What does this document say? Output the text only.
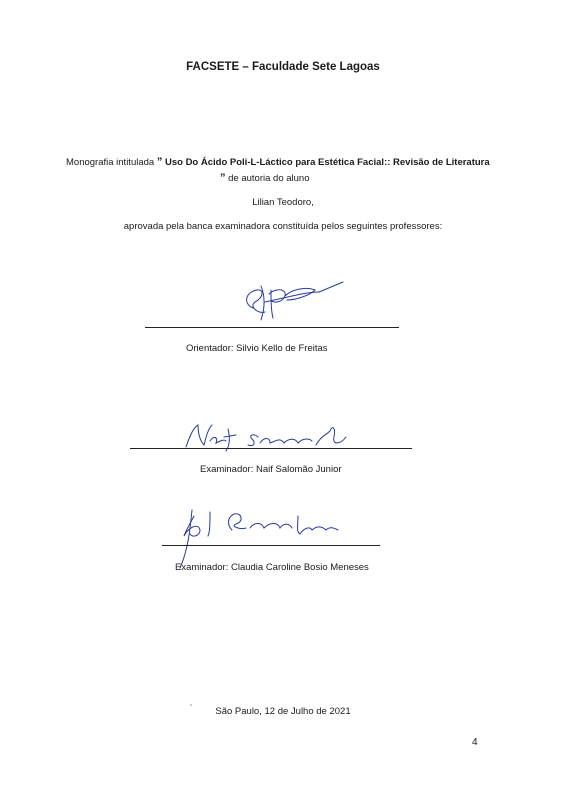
FACSETE – Faculdade Sete Lagoas
Monografia intitulada ” Uso Do Ácido Poli-L-Láctico para Estética Facial:: Revisão de Literatura
” de autoria do aluno
Lilian Teodoro,
aprovada pela banca examinadora constituída pelos seguintes professores:
Orientador: Silvio Kello de Freitas
Examinador: Naif Salomão Junior
Examinador: Claudia Caroline Bosio Meneses
São Paulo, 12 de Julho de 2021
4
